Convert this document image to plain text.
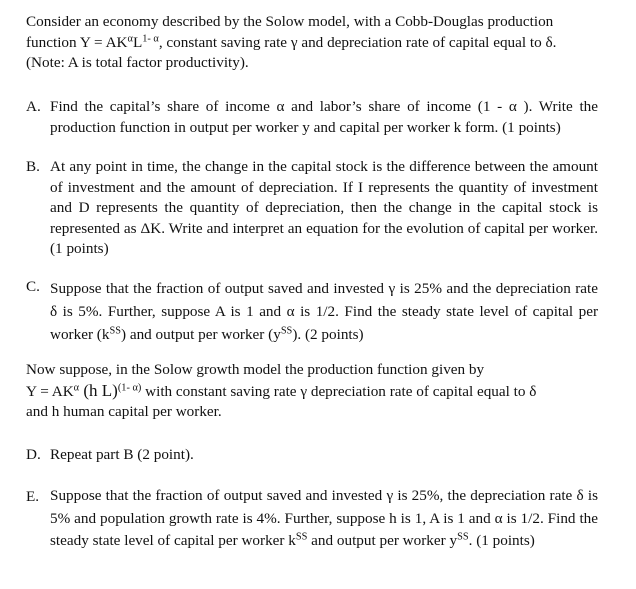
Consider an economy described by the Solow model, with a Cobb-Douglas production
function $Y = AK^\alpha L^{1- \alpha}$, constant saving rate γ and depreciation rate of capital equal to δ.
(Note: A is total factor productivity).

A. Find the capital’s share of income α and labor’s share of income (1 - α ). Write the production function in output per worker y and capital per worker k form. (1 points)
B. At any point in time, the change in the capital stock is the difference between the amount of investment and the amount of depreciation. If I represents the quantity of investment and D represents the quantity of depreciation, then the change in the capital stock is represented as ΔK. Write and interpret an equation for the evolution of capital per worker. (1 points)
C. Suppose that the fraction of output saved and invested γ is 25% and the depreciation rate δ is 5%. Further, suppose A is 1 and α is 1/2. Find the steady state level of capital per worker $(k^{SS})$ and output per worker $(y^{SS})$. (2 points)

Now suppose, in the Solow growth model the production function given by
$Y = AK^\alpha$ (h L)$^{(1- \alpha)}$ with constant saving rate γ depreciation rate of capital equal to δ
and h human capital per worker.

D. Repeat part B (2 point).
E. Suppose that the fraction of output saved and invested γ is 25%, the depreciation rate δ is 5% and population growth rate is 4%. Further, suppose h is 1, A is 1 and α is 1/2. Find the steady state level of capital per worker $k^{SS}$ and output per worker $y^{SS}$. (1 points)
